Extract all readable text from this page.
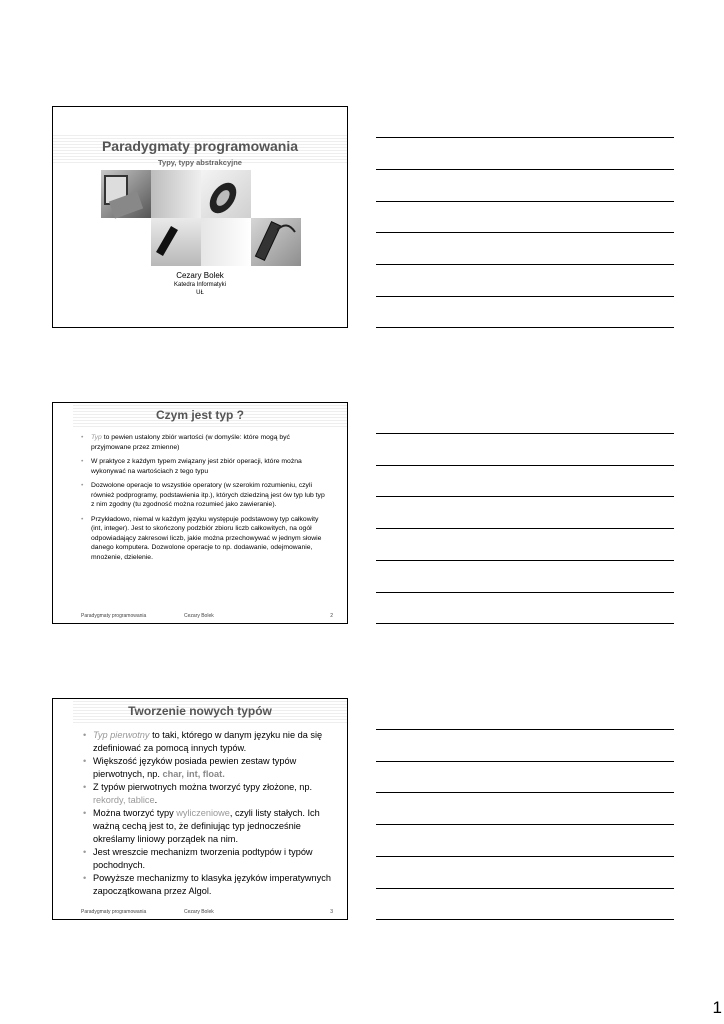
Paradygmaty programowania
Typy, typy abstrakcyjne
Cezary Bolek
Katedra Informatyki
UŁ
Czym jest typ ?
• Typ to pewien ustalony zbiór wartości (w domyśle: które mogą być przyjmowane przez zmienne)
• W praktyce z każdym typem związany jest zbiór operacji, które można wykonywać na wartościach z tego typu
• Dozwolone operacje to wszystkie operatory (w szerokim rozumieniu, czyli również podprogramy, podstawienia itp.), których dziedziną jest ów typ lub typ z nim zgodny (tu zgodność można rozumieć jako zawieranie).
• Przykładowo, niemal w każdym języku występuje podstawowy typ całkowity (int, integer). Jest to skończony podzbiór zbioru liczb całkowitych, na ogół odpowiadający zakresowi liczb, jakie można przechowywać w jednym słowie danego komputera. Dozwolone operacje to np. dodawanie, odejmowanie, mnożenie, dzielenie.
Paradygmaty programowania	Cezary Bolek	2
Tworzenie nowych typów
• Typ pierwotny to taki, którego w danym języku nie da się zdefiniować za pomocą innych typów.
• Większość języków posiada pewien zestaw typów pierwotnych, np. char, int, float.
• Z typów pierwotnych można tworzyć typy złożone, np. rekordy, tablice.
• Można tworzyć typy wyliczeniowe, czyli listy stałych. Ich ważną cechą jest to, że definiując typ jednocześnie określamy liniowy porządek na nim.
• Jest wreszcie mechanizm tworzenia podtypów i typów pochodnych.
• Powyższe mechanizmy to klasyka języków imperatywnych zapoczątkowana przez Algol.
Paradygmaty programowania	Cezary Bolek	3
1
